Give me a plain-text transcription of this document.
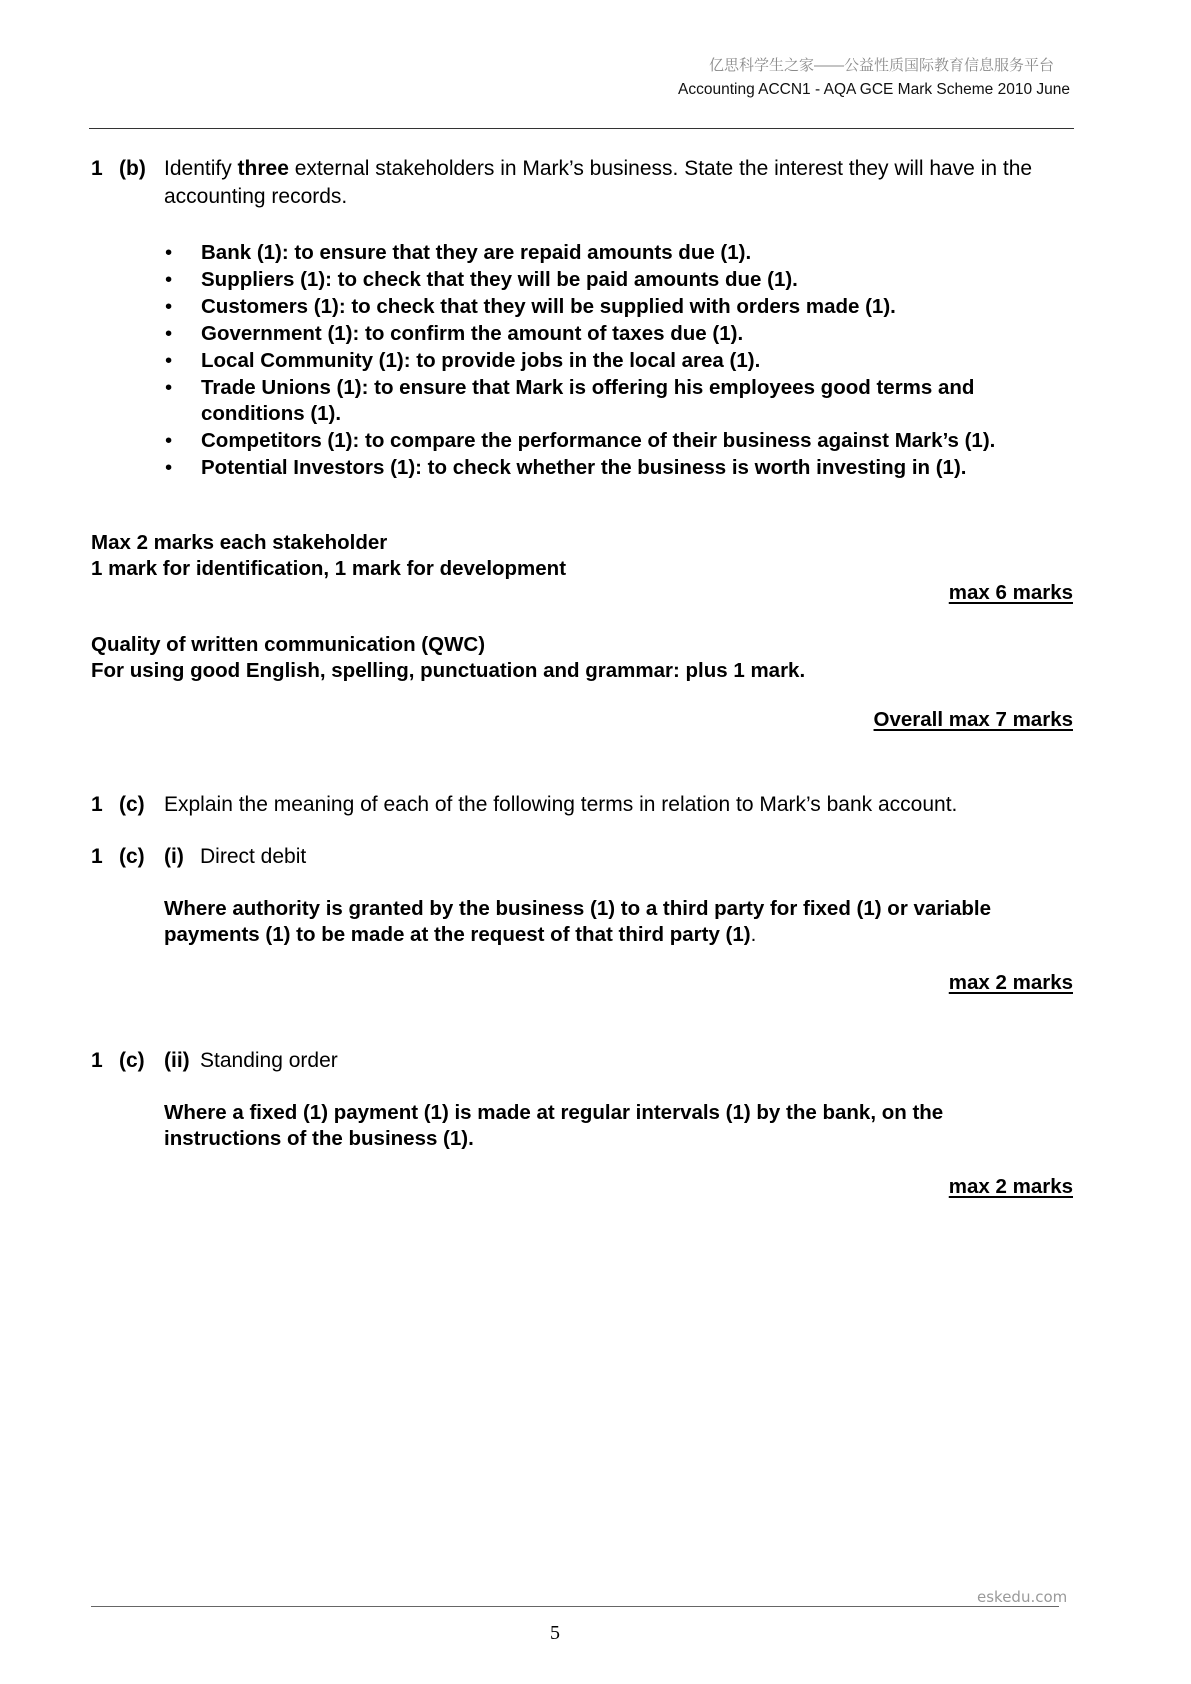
亿思科学生之家——公益性质国际教育信息服务平台
Accounting ACCN1 - AQA GCE Mark Scheme 2010 June
1 (b) Identify three external stakeholders in Mark’s business. State the interest they will have in the accounting records.
• Bank (1): to ensure that they are repaid amounts due (1).
• Suppliers (1): to check that they will be paid amounts due (1).
• Customers (1): to check that they will be supplied with orders made (1).
• Government (1): to confirm the amount of taxes due (1).
• Local Community (1): to provide jobs in the local area (1).
• Trade Unions (1): to ensure that Mark is offering his employees good terms and conditions (1).
• Competitors (1): to compare the performance of their business against Mark’s (1).
• Potential Investors (1): to check whether the business is worth investing in (1).
Max 2 marks each stakeholder
1 mark for identification, 1 mark for development
max 6 marks
Quality of written communication (QWC)
For using good English, spelling, punctuation and grammar: plus 1 mark.
Overall max 7 marks
1 (c) Explain the meaning of each of the following terms in relation to Mark’s bank account.
1 (c) (i) Direct debit
Where authority is granted by the business (1) to a third party for fixed (1) or variable payments (1) to be made at the request of that third party (1).
max 2 marks
1 (c) (ii) Standing order
Where a fixed (1) payment (1) is made at regular intervals (1) by the bank, on the instructions of the business (1).
max 2 marks
eskedu.com
5
